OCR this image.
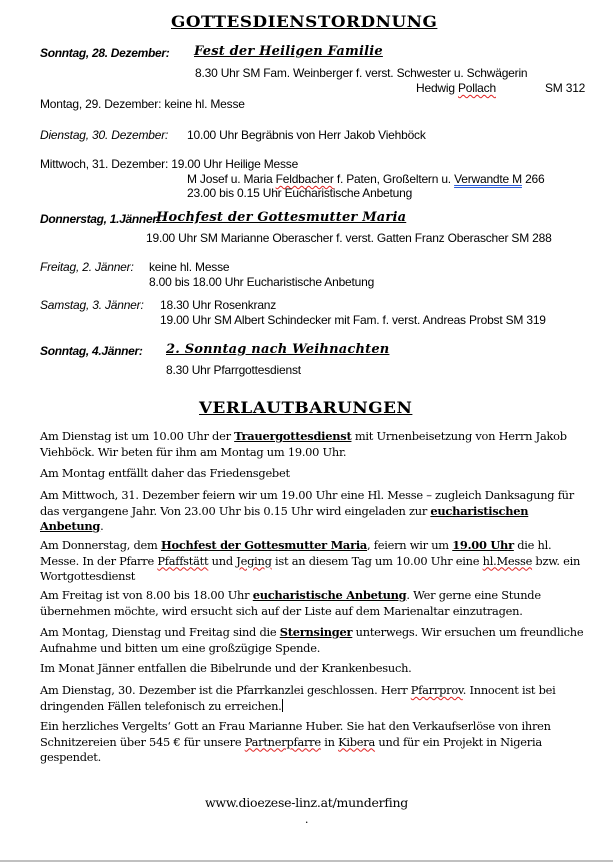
GOTTESDIENSTORDNUNG
Sonntag, 28. Dezember: Fest der Heiligen Familie
8.30 Uhr SM Fam. Weinberger f. verst. Schwester u. Schwägerin
Hedwig Pollach	SM 312
Montag, 29. Dezember: keine hl. Messe
Dienstag, 30. Dezember: 10.00 Uhr Begräbnis von Herr Jakob Viehböck
Mittwoch, 31. Dezember: 19.00 Uhr Heilige Messe
M Josef u. Maria Feldbacher f. Paten, Großeltern u. Verwandte M 266
23.00 bis 0.15 Uhr Eucharistische Anbetung
Donnerstag, 1.Jänner:
Hochfest der Gottesmutter Maria
19.00 Uhr SM Marianne Oberascher f. verst. Gatten Franz Oberascher SM 288
Freitag, 2. Jänner: keine hl. Messe
8.00 bis 18.00 Uhr Eucharistische Anbetung
Samstag, 3. Jänner: 18.30 Uhr Rosenkranz
19.00 Uhr SM Albert Schindecker mit Fam. f. verst. Andreas Probst SM 319
Sonntag, 4.Jänner: 2. Sonntag nach Weihnachten
8.30 Uhr Pfarrgottesdienst
VERLAUTBARUNGEN
Am Dienstag ist um 10.00 Uhr der Trauergottesdienst mit Urnenbeisetzung von Herrn Jakob Viehböck. Wir beten für ihm am Montag um 19.00 Uhr.
Am Montag entfällt daher das Friedensgebet
Am Mittwoch, 31. Dezember feiern wir um 19.00 Uhr eine Hl. Messe – zugleich Danksagung für das vergangene Jahr. Von 23.00 Uhr bis 0.15 Uhr wird eingeladen zur eucharistischen Anbetung.
Am Donnerstag, dem Hochfest der Gottesmutter Maria, feiern wir um 19.00 Uhr die hl. Messe. In der Pfarre Pfaffstätt und Jeging ist an diesem Tag um 10.00 Uhr eine hl.Messe bzw. ein Wortgottesdienst
Am Freitag ist von 8.00 bis 18.00 Uhr eucharistische Anbetung. Wer gerne eine Stunde übernehmen möchte, wird ersucht sich auf der Liste auf dem Marienaltar einzutragen.
Am Montag, Dienstag und Freitag sind die Sternsinger unterwegs. Wir ersuchen um freundliche Aufnahme und bitten um eine großzügige Spende.
Im Monat Jänner entfallen die Bibelrunde und der Krankenbesuch.
Am Dienstag, 30. Dezember ist die Pfarrkanzlei geschlossen. Herr Pfarrprov. Innocent ist bei dringenden Fällen telefonisch zu erreichen.
Ein herzliches Vergelts‘ Gott an Frau Marianne Huber. Sie hat den Verkaufserlöse von ihren Schnitzereien über 545 € für unsere Partnerpfarre in Kibera und für ein Projekt in Nigeria gespendet.
www.dioezese-linz.at/munderfing
.
